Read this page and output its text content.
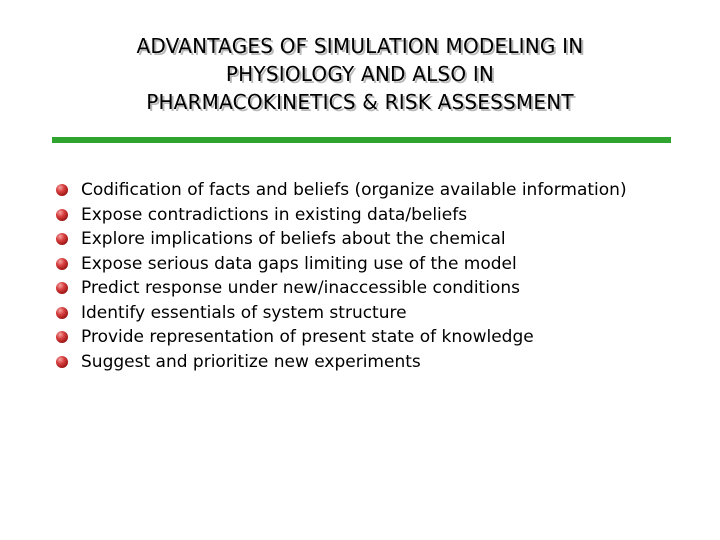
ADVANTAGES OF SIMULATION MODELING IN
PHYSIOLOGY AND ALSO IN
PHARMACOKINETICS & RISK ASSESSMENT
Codification of facts and beliefs (organize available information)
Expose contradictions in existing data/beliefs
Explore implications of beliefs about the chemical
Expose serious data gaps limiting use of the model
Predict response under new/inaccessible conditions
Identify essentials of system structure
Provide representation of present state of knowledge
Suggest and prioritize new experiments
